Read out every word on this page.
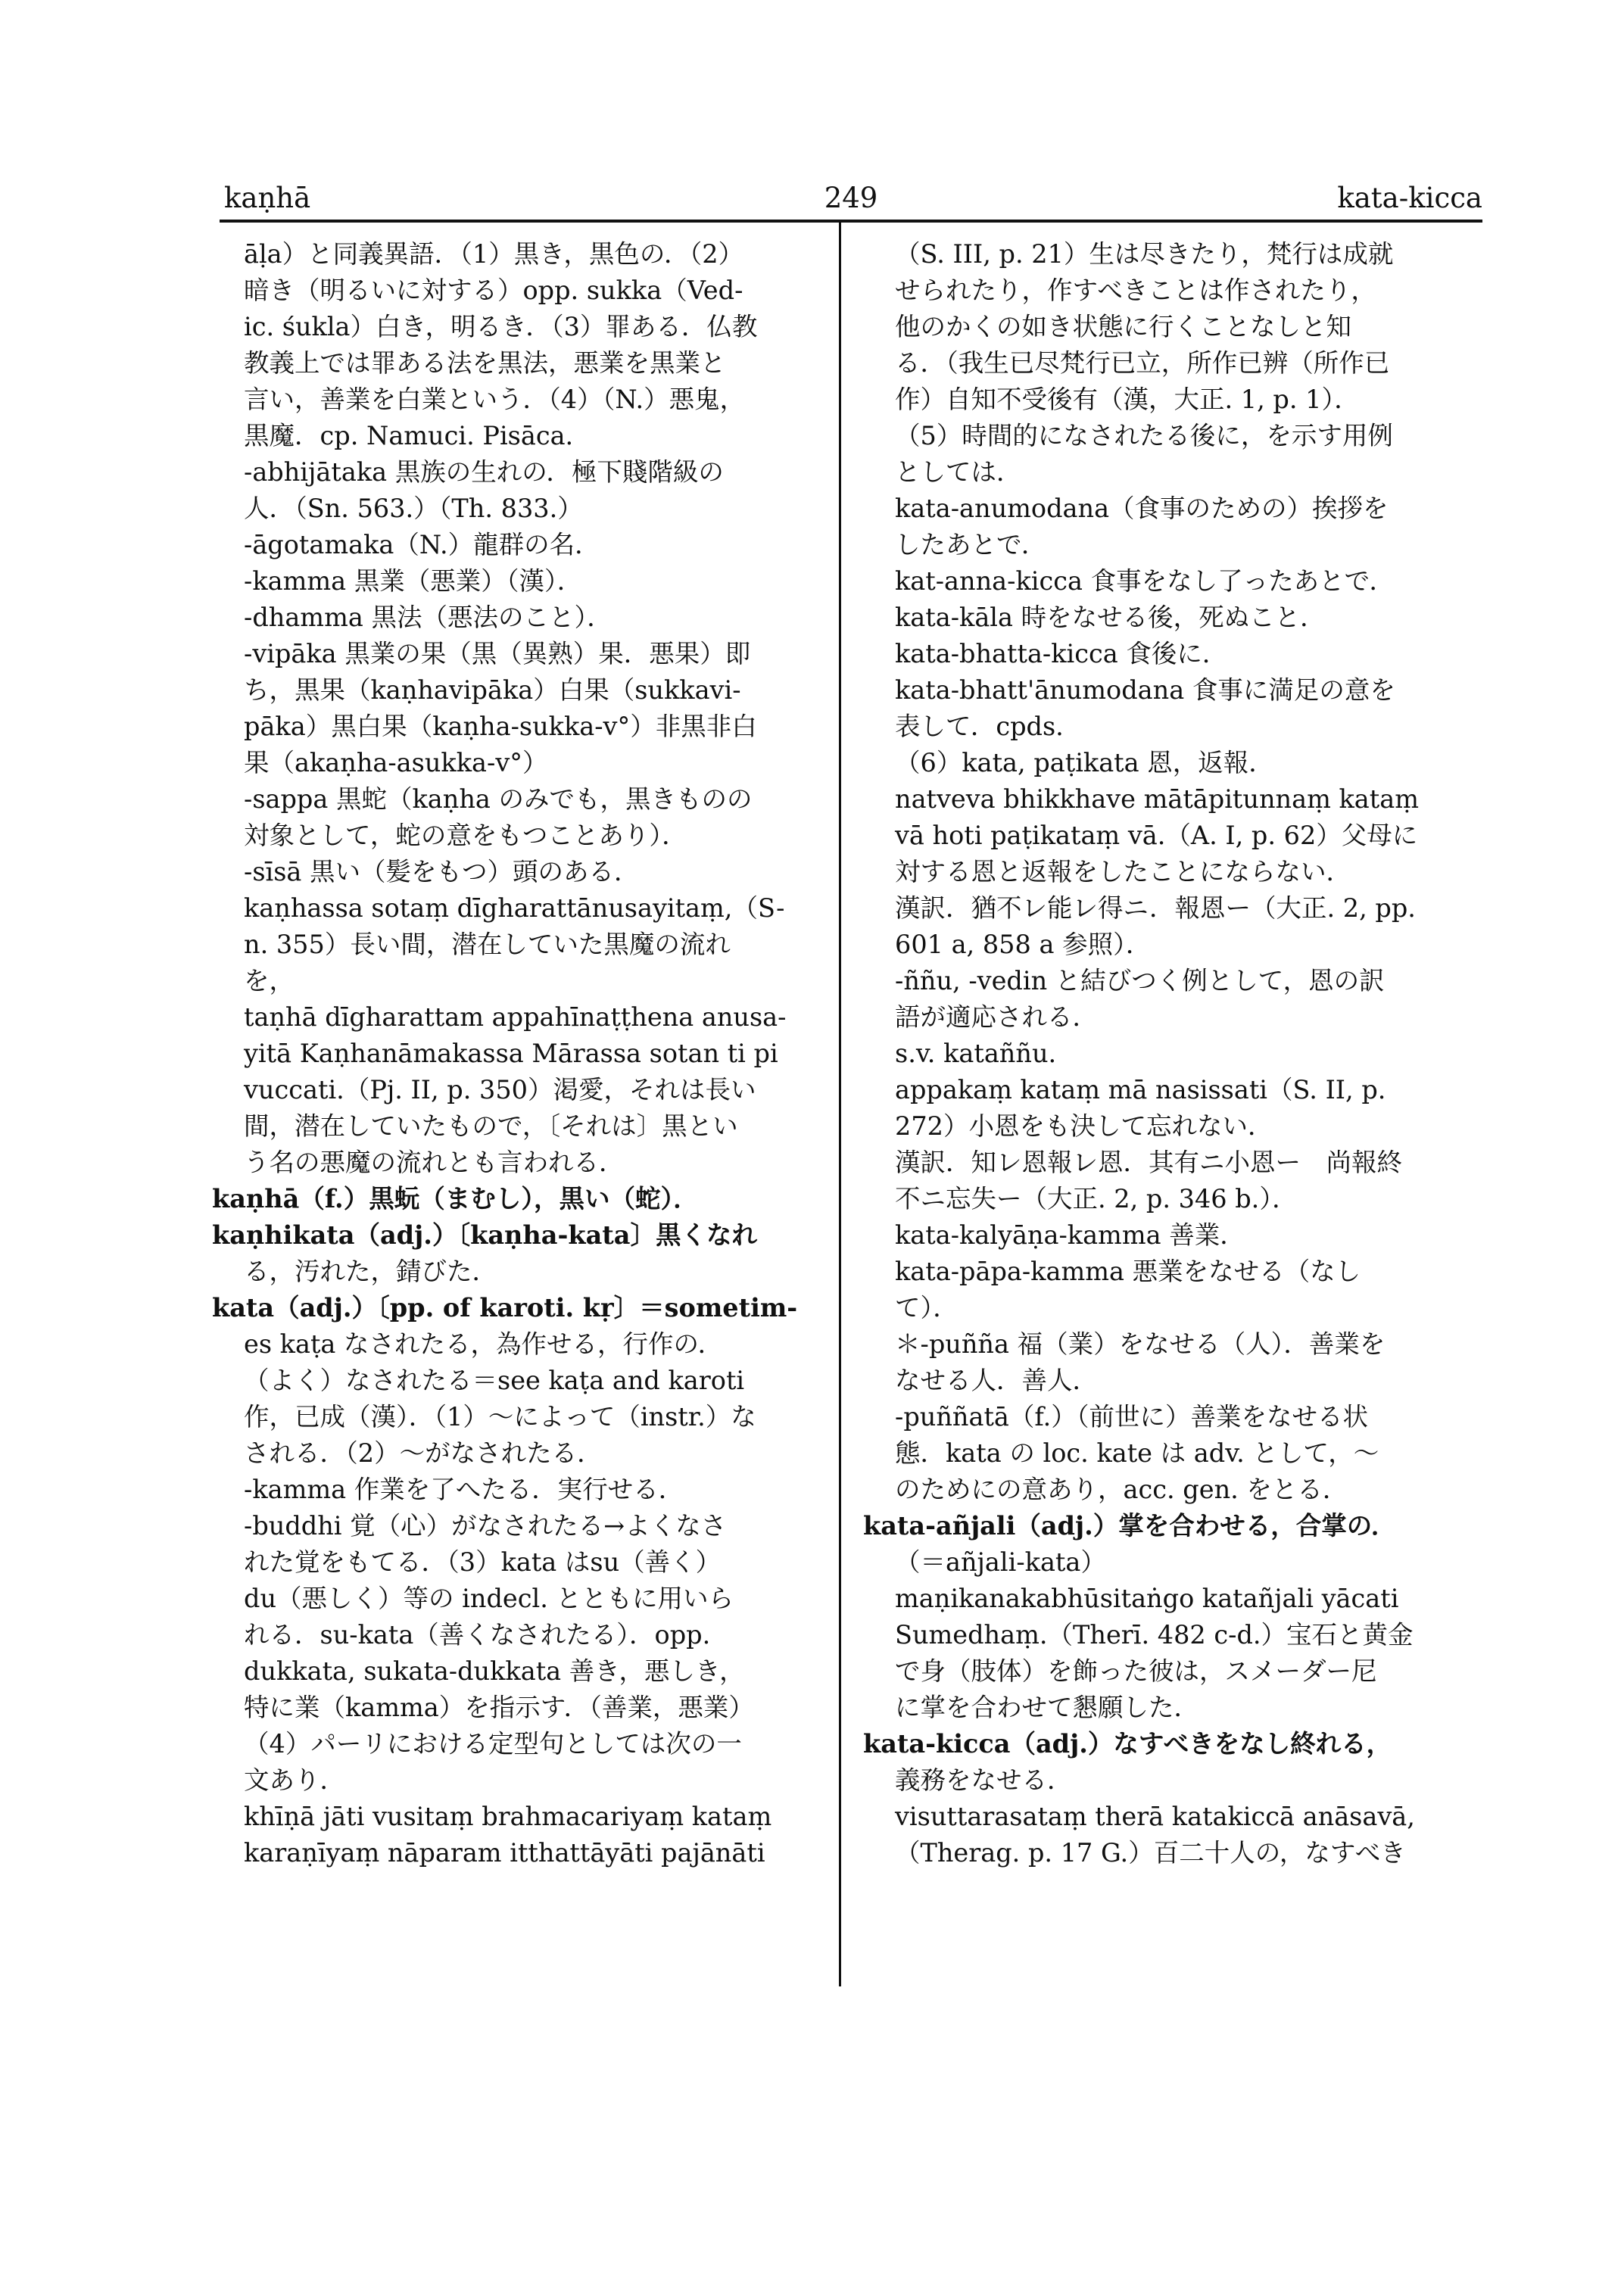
kaṇhā	249	kata-kicca
āḷa）と同義異語．（1）黒き，黒色の．（2）
暗き（明るいに対する）opp. sukka（Ved-
ic. śukla）白き，明るき．（3）罪ある．仏教
教義上では罪ある法を黒法，悪業を黒業と
言い，善業を白業という．（4）（N.）悪鬼，
黒魔．cp. Namuci. Pisāca.
-abhijātaka 黒族の生れの．極下賤階級の
人．（Sn. 563.）（Th. 833.）
-āgotamaka（N.）龍群の名．
-kamma 黒業（悪業）（漢）．
-dhamma 黒法（悪法のこと）．
-vipāka 黒業の果（黒（異熟）果．悪果）即
ち，黒果（kaṇhavipāka）白果（sukkavi-
pāka）黒白果（kaṇha-sukka-v°）非黒非白
果（akaṇha-asukka-v°）
-sappa 黒蛇（kaṇha のみでも，黒きものの
対象として，蛇の意をもつことあり）．
-sīsā 黒い（髪をもつ）頭のある．
kaṇhassa sotaṃ dīgharattānusayitaṃ,（S-
n. 355）長い間，潜在していた黒魔の流れ
を，
taṇhā dīgharattam appahīnaṭṭhena anusa-
yitā Kaṇhanāmakassa Mārassa sotan ti pi
vuccati.（Pj. II, p. 350）渇愛，それは長い
間，潜在していたもので，〔それは〕黒とい
う名の悪魔の流れとも言われる．
kaṇhā（f.）黒蚖（まむし），黒い（蛇）．
kaṇhikata（adj.）〔kaṇha-kata〕黒くなれ
る，汚れた，錆びた．
kata（adj.）〔pp. of karoti. kṛ〕＝sometim-
es kaṭa なされたる，為作せる，行作の．
（よく）なされたる＝see kaṭa and karoti
作，已成（漢）．（1）〜によって（instr.）な
される．（2）〜がなされたる．
-kamma 作業を了へたる．実行せる．
-buddhi 覚（心）がなされたる→よくなさ
れた覚をもてる．（3）kata はsu（善く）
du（悪しく）等の indecl. とともに用いら
れる．su-kata（善くなされたる）．opp.
dukkata, sukata-dukkata 善き，悪しき，
特に業（kamma）を指示す．（善業，悪業）
（4）パーリにおける定型句としては次の一
文あり．
khīṇā jāti vusitaṃ brahmacariyaṃ kataṃ
karaṇīyaṃ nāparam itthattāyāti pajānāti
（S. III, p. 21）生は尽きたり，梵行は成就
せられたり，作すべきことは作されたり，
他のかくの如き状態に行くことなしと知
る．（我生已尽梵行已立，所作已辨（所作已
作）自知不受後有（漢，大正. 1, p. 1）．
（5）時間的になされたる後に，を示す用例
としては．
kata-anumodana（食事のための）挨拶を
したあとで．
kat-anna-kicca 食事をなし了ったあとで．
kata-kāla 時をなせる後，死ぬこと．
kata-bhatta-kicca 食後に．
kata-bhatt'ānumodana 食事に満足の意を
表して．cpds.
（6）kata, paṭikata 恩，返報．
natveva bhikkhave mātāpitunnaṃ kataṃ
vā hoti paṭikataṃ vā.（A. I, p. 62）父母に
対する恩と返報をしたことにならない．
漢訳．猶不レ能レ得ニ．報恩ー（大正. 2, pp.
601 a, 858 a 参照）．
-ññu, -vedin と結びつく例として，恩の訳
語が適応される．
s.v. kataññu.
appakaṃ kataṃ mā nasissati（S. II, p.
272）小恩をも決して忘れない．
漢訳．知レ恩報レ恩．其有ニ小恩ー　尚報終
不ニ忘失ー（大正. 2, p. 346 b.）．
kata-kalyāṇa-kamma 善業．
kata-pāpa-kamma 悪業をなせる（なし
て）．
＊-puñña 福（業）をなせる（人）．善業を
なせる人．善人．
-puññatā（f.）（前世に）善業をなせる状
態．kata の loc. kate は adv. として，〜
のためにの意あり，acc. gen. をとる．
kata-añjali（adj.）掌を合わせる，合掌の．
（＝añjali-kata）
maṇikanakabhūsitaṅgo katañjali yācati
Sumedhaṃ.（Therī. 482 c-d.）宝石と黄金
で身（肢体）を飾った彼は，スメーダー尼
に掌を合わせて懇願した．
kata-kicca（adj.）なすべきをなし終れる，
義務をなせる．
visuttarasataṃ therā katakiccā anāsavā,
（Therag. p. 17 G.）百二十人の，なすべき
